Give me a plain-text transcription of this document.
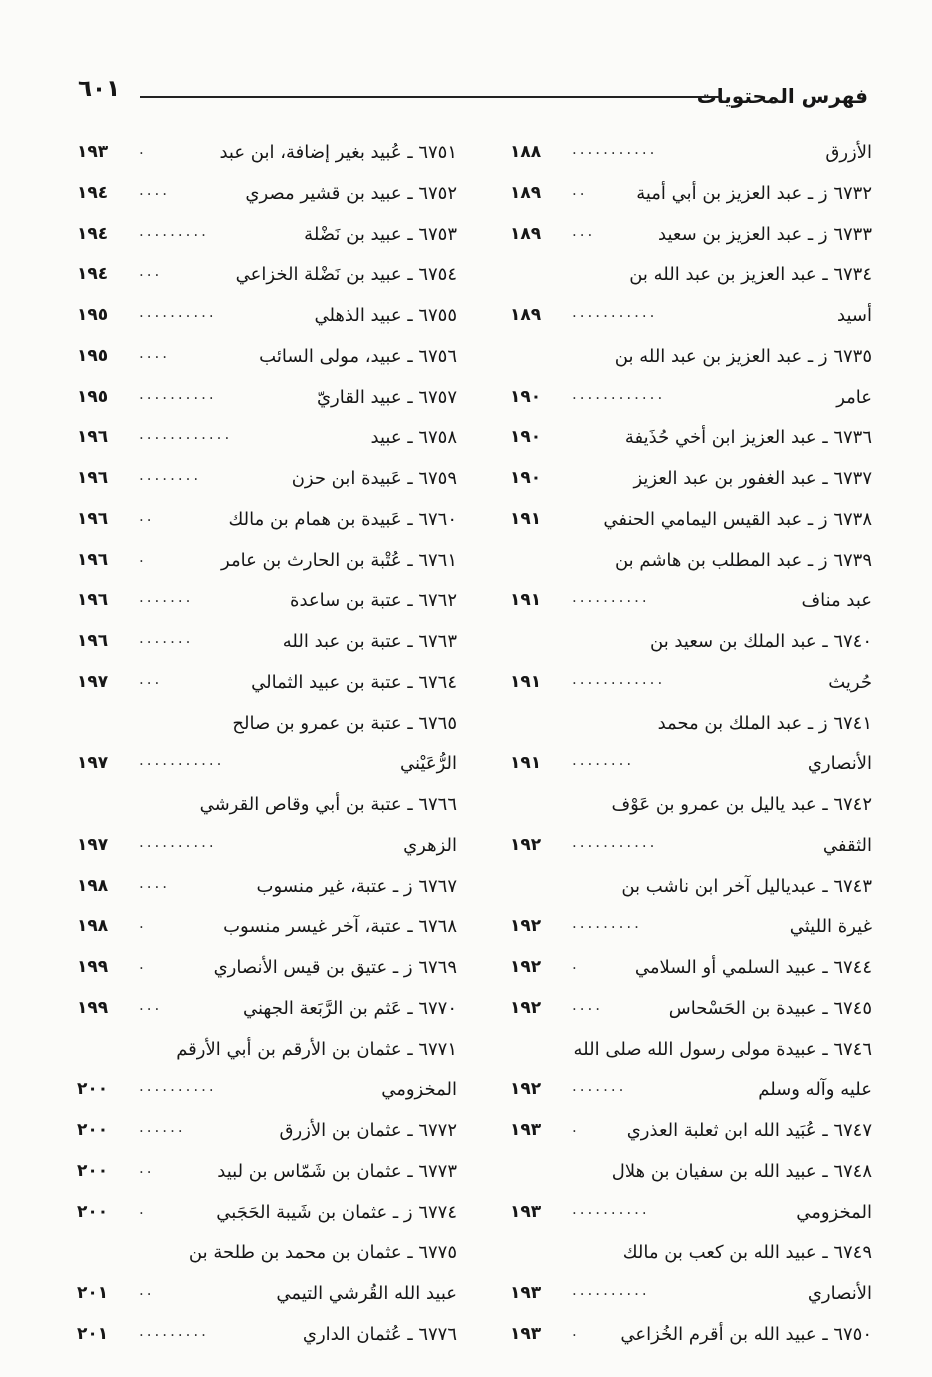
فهرس المحتويات
٦٠١
الأزرق
...........
١٨٨
٦٧٣٢ ز ـ عبد العزيز بن أبي أمية
..
١٨٩
٦٧٣٣ ز ـ عبد العزيز بن سعيد
...
١٨٩
٦٧٣٤ ـ عبد العزيز بن عبد الله بن
أسيد
...........
١٨٩
٦٧٣٥ ز ـ عبد العزيز بن عبد الله بن
عامر
............
١٩٠
٦٧٣٦ ـ عبد العزيز ابن أخي حُذَيفة
١٩٠
٦٧٣٧ ـ عبد الغفور بن عبد العزيز
١٩٠
٦٧٣٨ ز ـ عبد القيس اليمامي الحنفي
١٩١
٦٧٣٩ ز ـ عبد المطلب بن هاشم بن
عبد مناف
..........
١٩١
٦٧٤٠ ـ عبد الملك بن سعيد بن
حُريث
............
١٩١
٦٧٤١ ز ـ عبد الملك بن محمد
الأنصاري
........
١٩١
٦٧٤٢ ـ عبد ياليل بن عمرو بن عَوْف
الثقفي
...........
١٩٢
٦٧٤٣ ـ عبدياليل آخر ابن ناشب بن
غيرة الليثي
.........
١٩٢
٦٧٤٤ ـ عبيد السلمي أو السلامي
.
١٩٢
٦٧٤٥ ـ عبيدة بن الحَسْحاس
....
١٩٢
٦٧٤٦ ـ عبيدة مولى رسول الله صلى الله
عليه وآله وسلم
.......
١٩٢
٦٧٤٧ ـ عُبَيد الله ابن ثعلبة العذري
.
١٩٣
٦٧٤٨ ـ عبيد الله بن سفيان بن هلال
المخزومي
..........
١٩٣
٦٧٤٩ ـ عبيد الله بن كعب بن مالك
الأنصاري
..........
١٩٣
٦٧٥٠ ـ عبيد الله بن أقرم الخُزاعي
.
١٩٣
٦٧٥١ ـ عُبيد بغير إضافة، ابن عبد
.
١٩٣
٦٧٥٢ ـ عبيد بن قشير مصري
....
١٩٤
٦٧٥٣ ـ عبيد بن نَضْلة
.........
١٩٤
٦٧٥٤ ـ عبيد بن نَضْلة الخزاعي
...
١٩٤
٦٧٥٥ ـ عبيد الذهلي
..........
١٩٥
٦٧٥٦ ـ عبيد، مولى السائب
....
١٩٥
٦٧٥٧ ـ عبيد القاريّ
..........
١٩٥
٦٧٥٨ ـ عبيد
............
١٩٦
٦٧٥٩ ـ عَبيدة ابن حزن
........
١٩٦
٦٧٦٠ ـ عَبيدة بن همام بن مالك
..
١٩٦
٦٧٦١ ـ عُتْبة بن الحارث بن عامر
.
١٩٦
٦٧٦٢ ـ عتبة بن ساعدة
.......
١٩٦
٦٧٦٣ ـ عتبة بن عبد الله
.......
١٩٦
٦٧٦٤ ـ عتبة بن عبيد الثمالي
...
١٩٧
٦٧٦٥ ـ عتبة بن عمرو بن صالح
الرُّعَيْني
...........
١٩٧
٦٧٦٦ ـ عتبة بن أبي وقاص القرشي
الزهري
..........
١٩٧
٦٧٦٧ ز ـ عتبة، غير منسوب
....
١٩٨
٦٧٦٨ ـ عتبة، آخر غيسر منسوب
.
١٩٨
٦٧٦٩ ز ـ عتيق بن قيس الأنصاري
.
١٩٩
٦٧٧٠ ـ عَثم بن الرَّبَعة الجهني
...
١٩٩
٦٧٧١ ـ عثمان بن الأرقم بن أبي الأرقم
المخزومي
..........
٢٠٠
٦٧٧٢ ـ عثمان بن الأزرق
......
٢٠٠
٦٧٧٣ ـ عثمان بن شَمّاس بن لبيد
..
٢٠٠
٦٧٧٤ ز ـ عثمان بن شَيبة الحَجَبي
.
٢٠٠
٦٧٧٥ ـ عثمان بن محمد بن طلحة بن
عبيد الله القُرشي التيمي
..
٢٠١
٦٧٧٦ ـ عُثمان الداري
.........
٢٠١
